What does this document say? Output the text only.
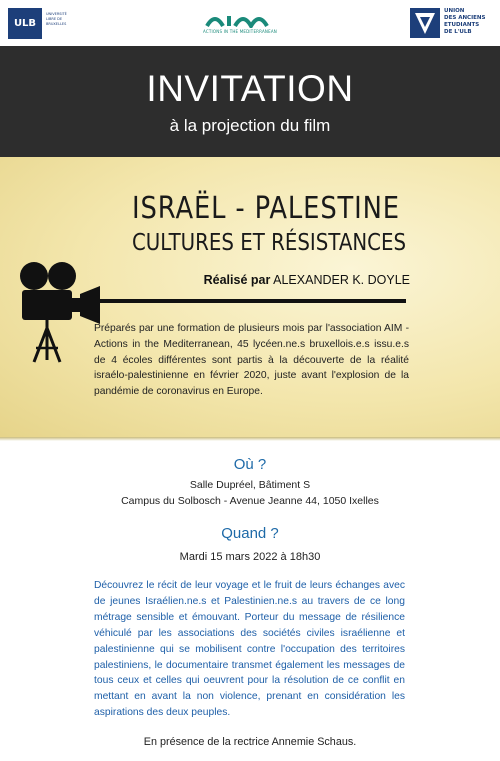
ULB
UNIVERSITÉ LIBRE DE BRUXELLES
ACTIONS IN THE MEDITERRANEAN
UNION
DES ANCIENS
ETUDIANTS
DE L'ULB
INVITATION
à la projection du film
ISRAËL - PALESTINE
CULTURES ET RÉSISTANCES
Réalisé par ALEXANDER K. DOYLE
Préparés par une formation de plusieurs mois par l'association AIM - Actions in the Mediterranean, 45 lycéen.ne.s bruxellois.e.s issu.e.s de 4 écoles différentes sont partis à la découverte de la réalité israélo-palestinienne en février 2020, juste avant l'explosion de la pandémie de coronavirus en Europe.
Où ?
Salle Dupréel, Bâtiment S
Campus du Solbosch - Avenue Jeanne 44, 1050 Ixelles
Quand ?
Mardi 15 mars 2022 à 18h30
Découvrez le récit de leur voyage et le fruit de leurs échanges avec de jeunes Israélien.ne.s et Palestinien.ne.s au travers de ce long métrage sensible et émouvant. Porteur du message de résilience véhiculé par les associations des sociétés civiles israélienne et palestinienne qui se mobilisent contre l'occupation des territoires palestiniens, le documentaire transmet également les messages de tous ceux et celles qui oeuvrent pour la résolution de ce conflit en mettant en avant la non violence, prenant en considération les aspirations des deux peuples.
En présence de la rectrice Annemie Schaus.
